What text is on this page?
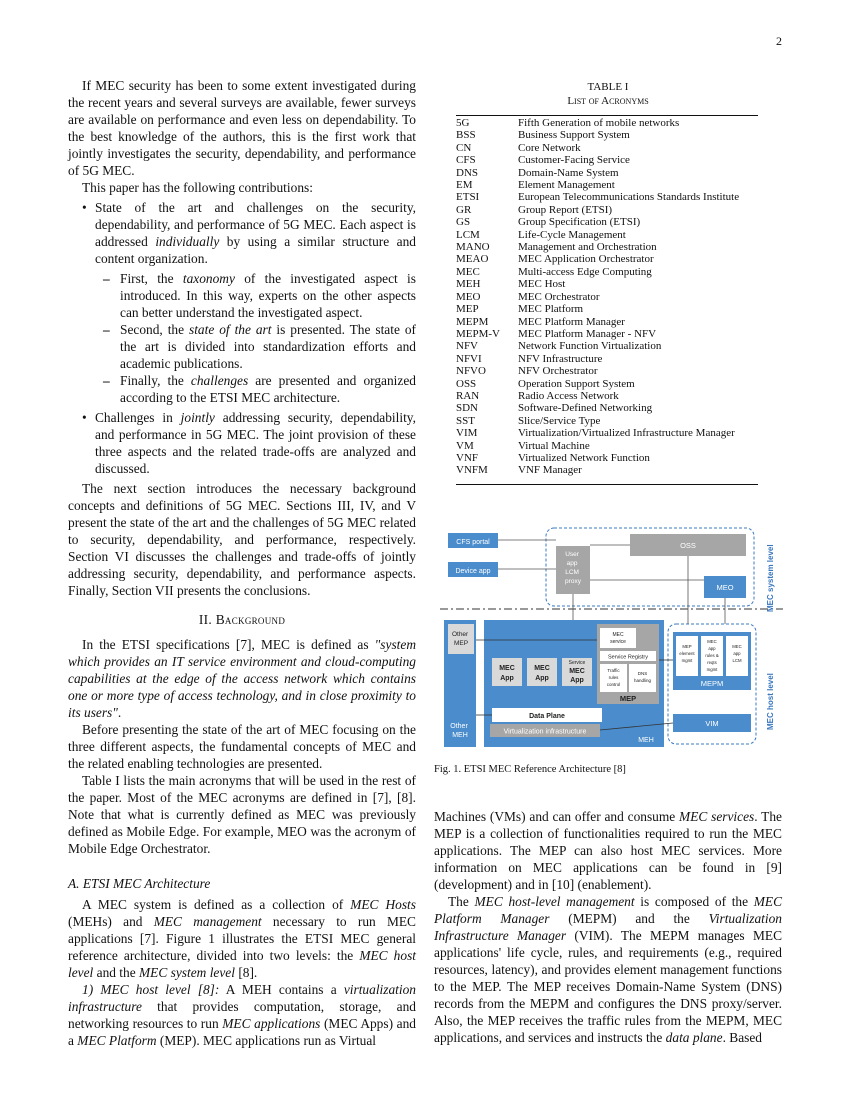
2

If MEC security has been to some extent investigated during the recent years and several surveys are available, fewer surveys are available on performance and even less on dependability. To the best knowledge of the authors, this is the first work that jointly investigates the security, dependability, and performance of 5G MEC.

This paper has the following contributions:

• State of the art and challenges on the security, dependability, and performance of 5G MEC. Each aspect is addressed individually by using a similar structure and content organization.
– First, the taxonomy of the investigated aspect is introduced. In this way, experts on the other aspects can better understand the investigated aspect.
– Second, the state of the art is presented. The state of the art is divided into standardization efforts and academic publications.
– Finally, the challenges are presented and organized according to the ETSI MEC architecture.
• Challenges in jointly addressing security, dependability, and performance in 5G MEC. The joint provision of these three aspects and the related trade-offs are analyzed and discussed.

The next section introduces the necessary background concepts and definitions of 5G MEC. Sections III, IV, and V present the state of the art and the challenges of 5G MEC related to security, dependability, and performance, respectively. Section VI discusses the challenges and trade-offs of jointly addressing security, dependability, and performance aspects. Finally, Section VII presents the conclusions.

II. Background

In the ETSI specifications [7], MEC is defined as "system which provides an IT service environment and cloud-computing capabilities at the edge of the access network which contains one or more type of access technology, and in close proximity to its users".

Before presenting the state of the art of MEC focusing on the three different aspects, the fundamental concepts of MEC and the related enabling technologies are presented.

Table I lists the main acronyms that will be used in the rest of the paper. Most of the MEC acronyms are defined in [7], [8]. Note that what is currently defined as MEC was previously defined as Mobile Edge. For example, MEO was the acronym of Mobile Edge Orchestrator.

A. ETSI MEC Architecture

A MEC system is defined as a collection of MEC Hosts (MEHs) and MEC management necessary to run MEC applications [7]. Figure 1 illustrates the ETSI MEC general reference architecture, divided into two levels: the MEC host level and the MEC system level [8].

1) MEC host level [8]: A MEH contains a virtualization infrastructure that provides computation, storage, and networking resources to run MEC applications (MEC Apps) and a MEC Platform (MEP). MEC applications run as Virtual

TABLE I
List of Acronyms
5G	Fifth Generation of mobile networks
BSS	Business Support System
CN	Core Network
CFS	Customer-Facing Service
DNS	Domain-Name System
EM	Element Management
ETSI	European Telecommunications Standards Institute
GR	Group Report (ETSI)
GS	Group Specification (ETSI)
LCM	Life-Cycle Management
MANO	Management and Orchestration
MEAO	MEC Application Orchestrator
MEC	Multi-access Edge Computing
MEH	MEC Host
MEO	MEC Orchestrator
MEP	MEC Platform
MEPM	MEC Platform Manager
MEPM-V	MEC Platform Manager - NFV
NFV	Network Function Virtualization
NFVI	NFV Infrastructure
NFVO	NFV Orchestrator
OSS	Operation Support System
RAN	Radio Access Network
SDN	Software-Defined Networking
SST	Slice/Service Type
VIM	Virtualization/Virtualized Infrastructure Manager
VM	Virtual Machine
VNF	Virtualized Network Function
VNFM	VNF Manager
CFS portal
Device app
OSS
User app LCM proxy
MEO	MEC system level
MEC host level
Other MEP
Other MEH
MEH
MEC App
MEC App
Service
MEC App
MEC service
Service Registry
Traffic rules control
DNS handling
MEP
Data Plane
Virtualization infrastructure
MEP element mgmt
MEC app rules & reqts mgmt
MEC app LCM
MEPM
VIM
Fig. 1. ETSI MEC Reference Architecture [8]

Machines (VMs) and can offer and consume MEC services. The MEP is a collection of functionalities required to run the MEC applications. The MEP can also host MEC services. More information on MEC applications can be found in [9] (development) and in [10] (enablement).

The MEC host-level management is composed of the MEC Platform Manager (MEPM) and the Virtualization Infrastructure Manager (VIM). The MEPM manages MEC applications' life cycle, rules, and requirements (e.g., required resources, latency), and provides element management functions to the MEP. The MEP receives Domain-Name System (DNS) records from the MEPM and configures the DNS proxy/server. Also, the MEP receives the traffic rules from the MEPM, MEC applications, and services and instructs the data plane. Based
